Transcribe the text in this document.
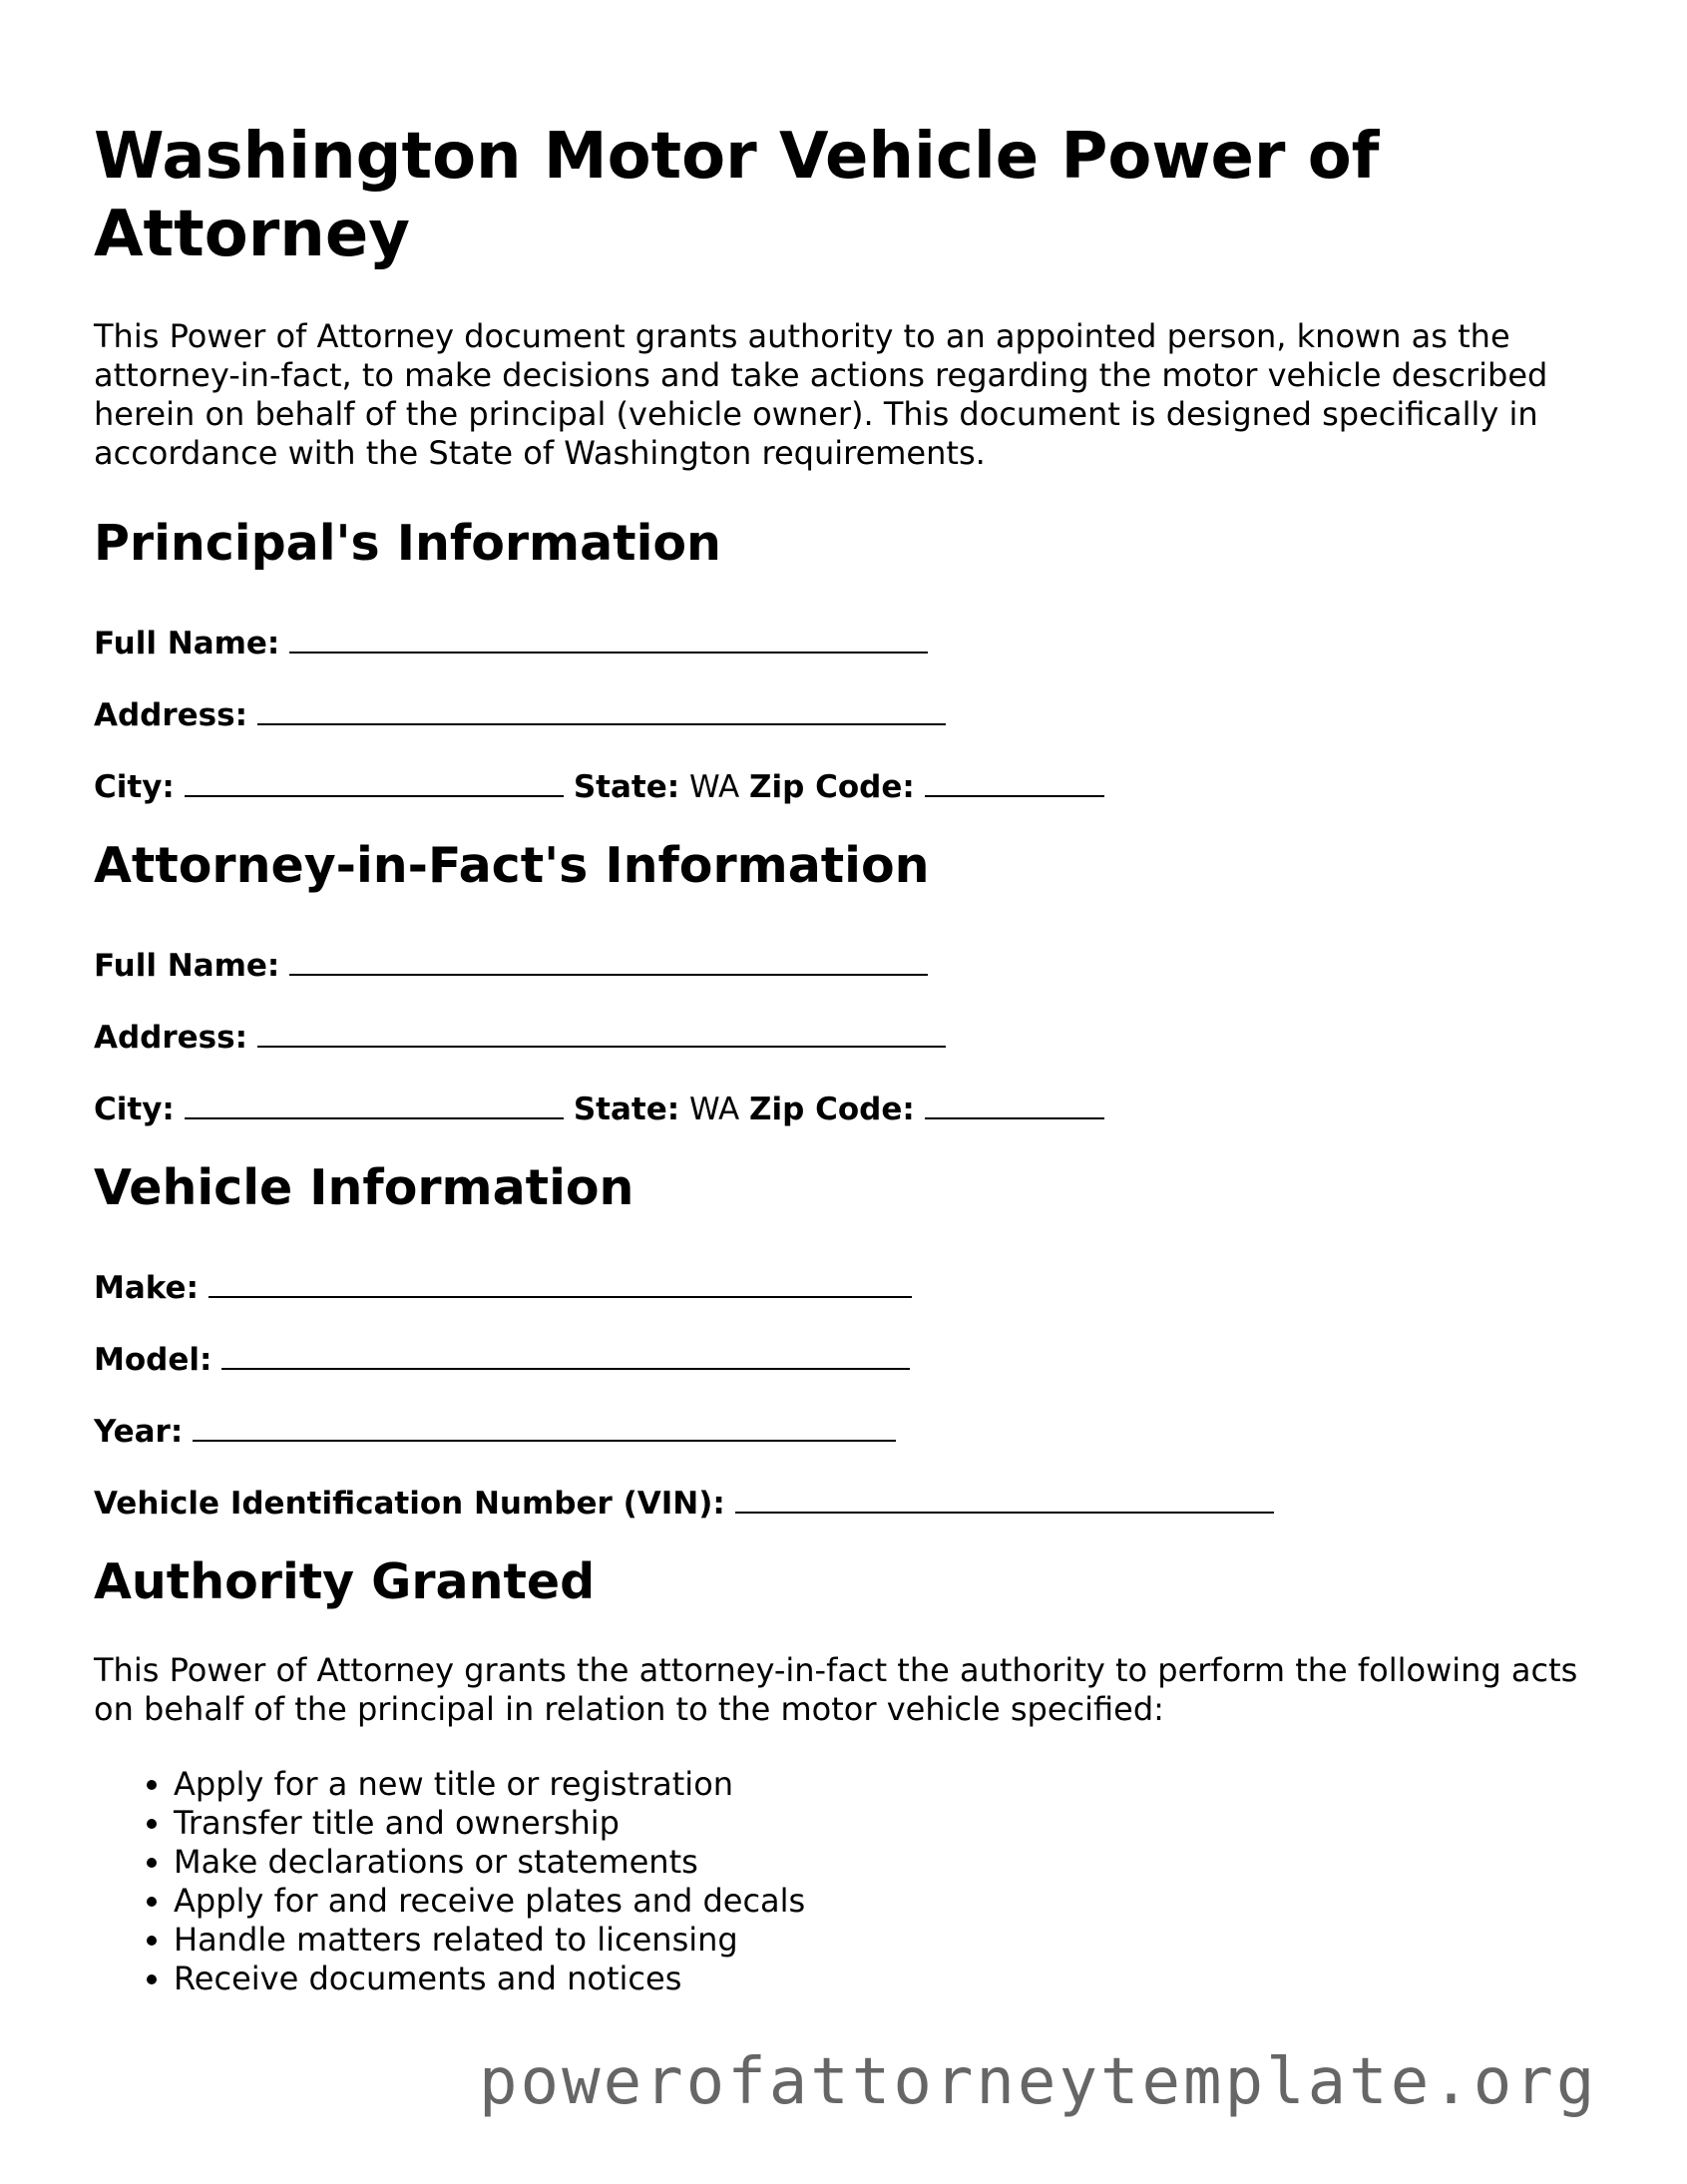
Washington Motor Vehicle Power of Attorney

This Power of Attorney document grants authority to an appointed person, known as the attorney-in-fact, to make decisions and take actions regarding the motor vehicle described herein on behalf of the principal (vehicle owner). This document is designed specifically in accordance with the State of Washington requirements.

Principal's Information
Full Name:
Address:
City:	State: WA Zip Code:
Attorney-in-Fact's Information
Full Name:
Address:
City:	State: WA Zip Code:
Vehicle Information
Make:
Model:
Year:
Vehicle Identification Number (VIN):
Authority Granted

This Power of Attorney grants the attorney-in-fact the authority to perform the following acts on behalf of the principal in relation to the motor vehicle specified:

• Apply for a new title or registration
• Transfer title and ownership
• Make declarations or statements
• Apply for and receive plates and decals
• Handle matters related to licensing
• Receive documents and notices
powerofattorneytemplate.org
